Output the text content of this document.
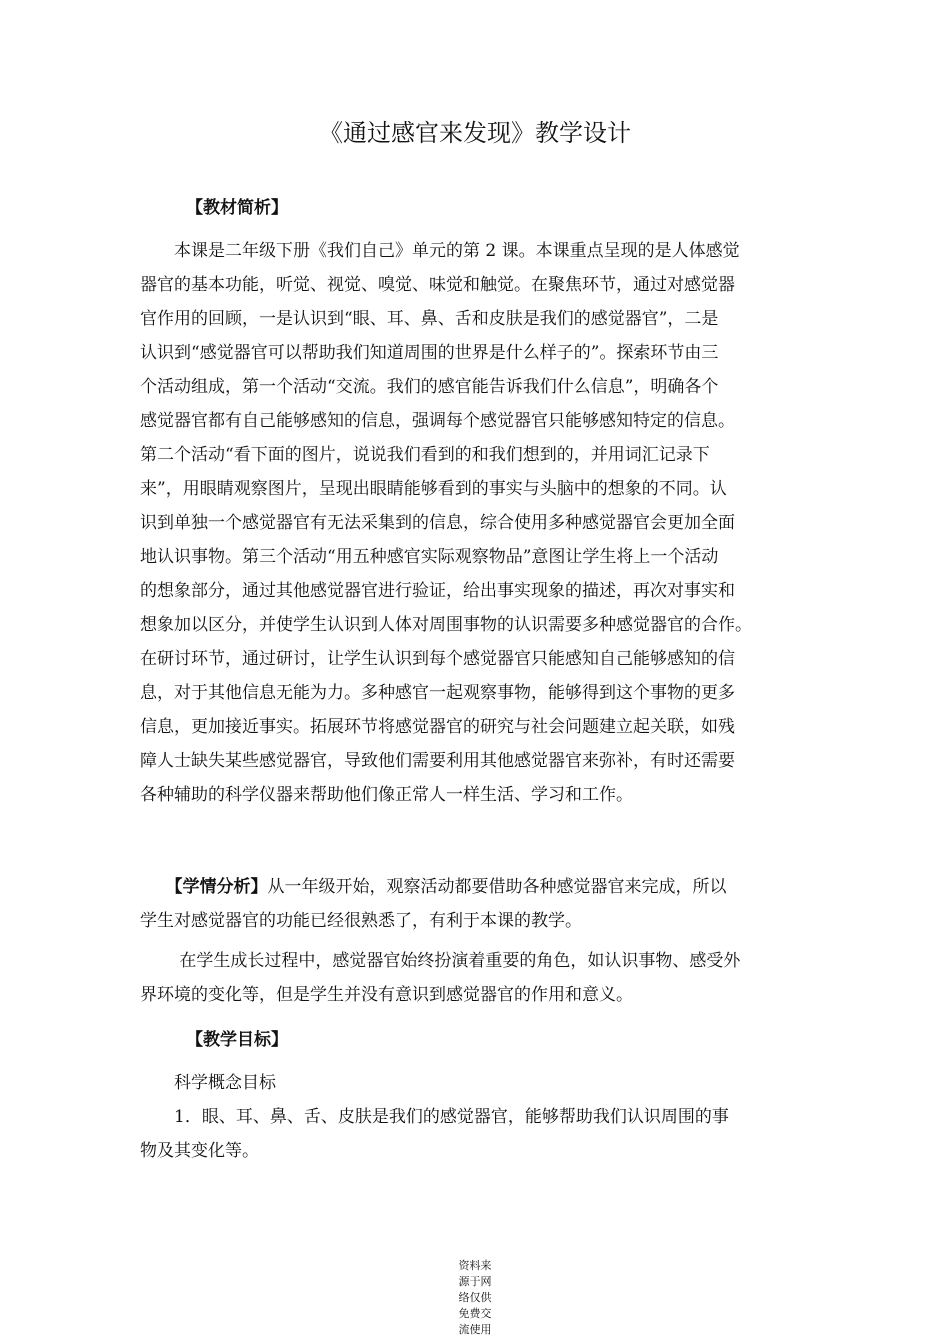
《通过感官来发现》教学设计
【教材简析】
　　本课是二年级下册《我们自己》单元的第 2 课。本课重点呈现的是人体感觉
器官的基本功能，听觉、视觉、嗅觉、味觉和触觉。在聚焦环节，通过对感觉器
官作用的回顾，一是认识到“眼、耳、鼻、舌和皮肤是我们的感觉器官”，二是
认识到“感觉器官可以帮助我们知道周围的世界是什么样子的”。探索环节由三
个活动组成，第一个活动“交流。我们的感官能告诉我们什么信息”，明确各个
感觉器官都有自己能够感知的信息，强调每个感觉器官只能够感知特定的信息。
第二个活动“看下面的图片，说说我们看到的和我们想到的，并用词汇记录下
来”，用眼睛观察图片，呈现出眼睛能够看到的事实与头脑中的想象的不同。认
识到单独一个感觉器官有无法采集到的信息，综合使用多种感觉器官会更加全面
地认识事物。第三个活动“用五种感官实际观察物品”意图让学生将上一个活动
的想象部分，通过其他感觉器官进行验证，给出事实现象的描述，再次对事实和
想象加以区分，并使学生认识到人体对周围事物的认识需要多种感觉器官的合作。
在研讨环节，通过研讨，让学生认识到每个感觉器官只能感知自己能够感知的信
息，对于其他信息无能为力。多种感官一起观察事物，能够得到这个事物的更多
信息，更加接近事实。拓展环节将感觉器官的研究与社会问题建立起关联，如残
障人士缺失某些感觉器官，导致他们需要利用其他感觉器官来弥补，有时还需要
各种辅助的科学仪器来帮助他们像正常人一样生活、学习和工作。
　　【学情分析】从一年级开始，观察活动都要借助各种感觉器官来完成，所以
学生对感觉器官的功能已经很熟悉了，有利于本课的教学。
　　 在学生成长过程中，感觉器官始终扮演着重要的角色，如认识事物、感受外
界环境的变化等，但是学生并没有意识到感觉器官的作用和意义。
【教学目标】
　　科学概念目标
　　1．眼、耳、鼻、舌、皮肤是我们的感觉器官，能够帮助我们认识周围的事
物及其变化等。
资料来
源于网
络仅供
免费交
流使用
